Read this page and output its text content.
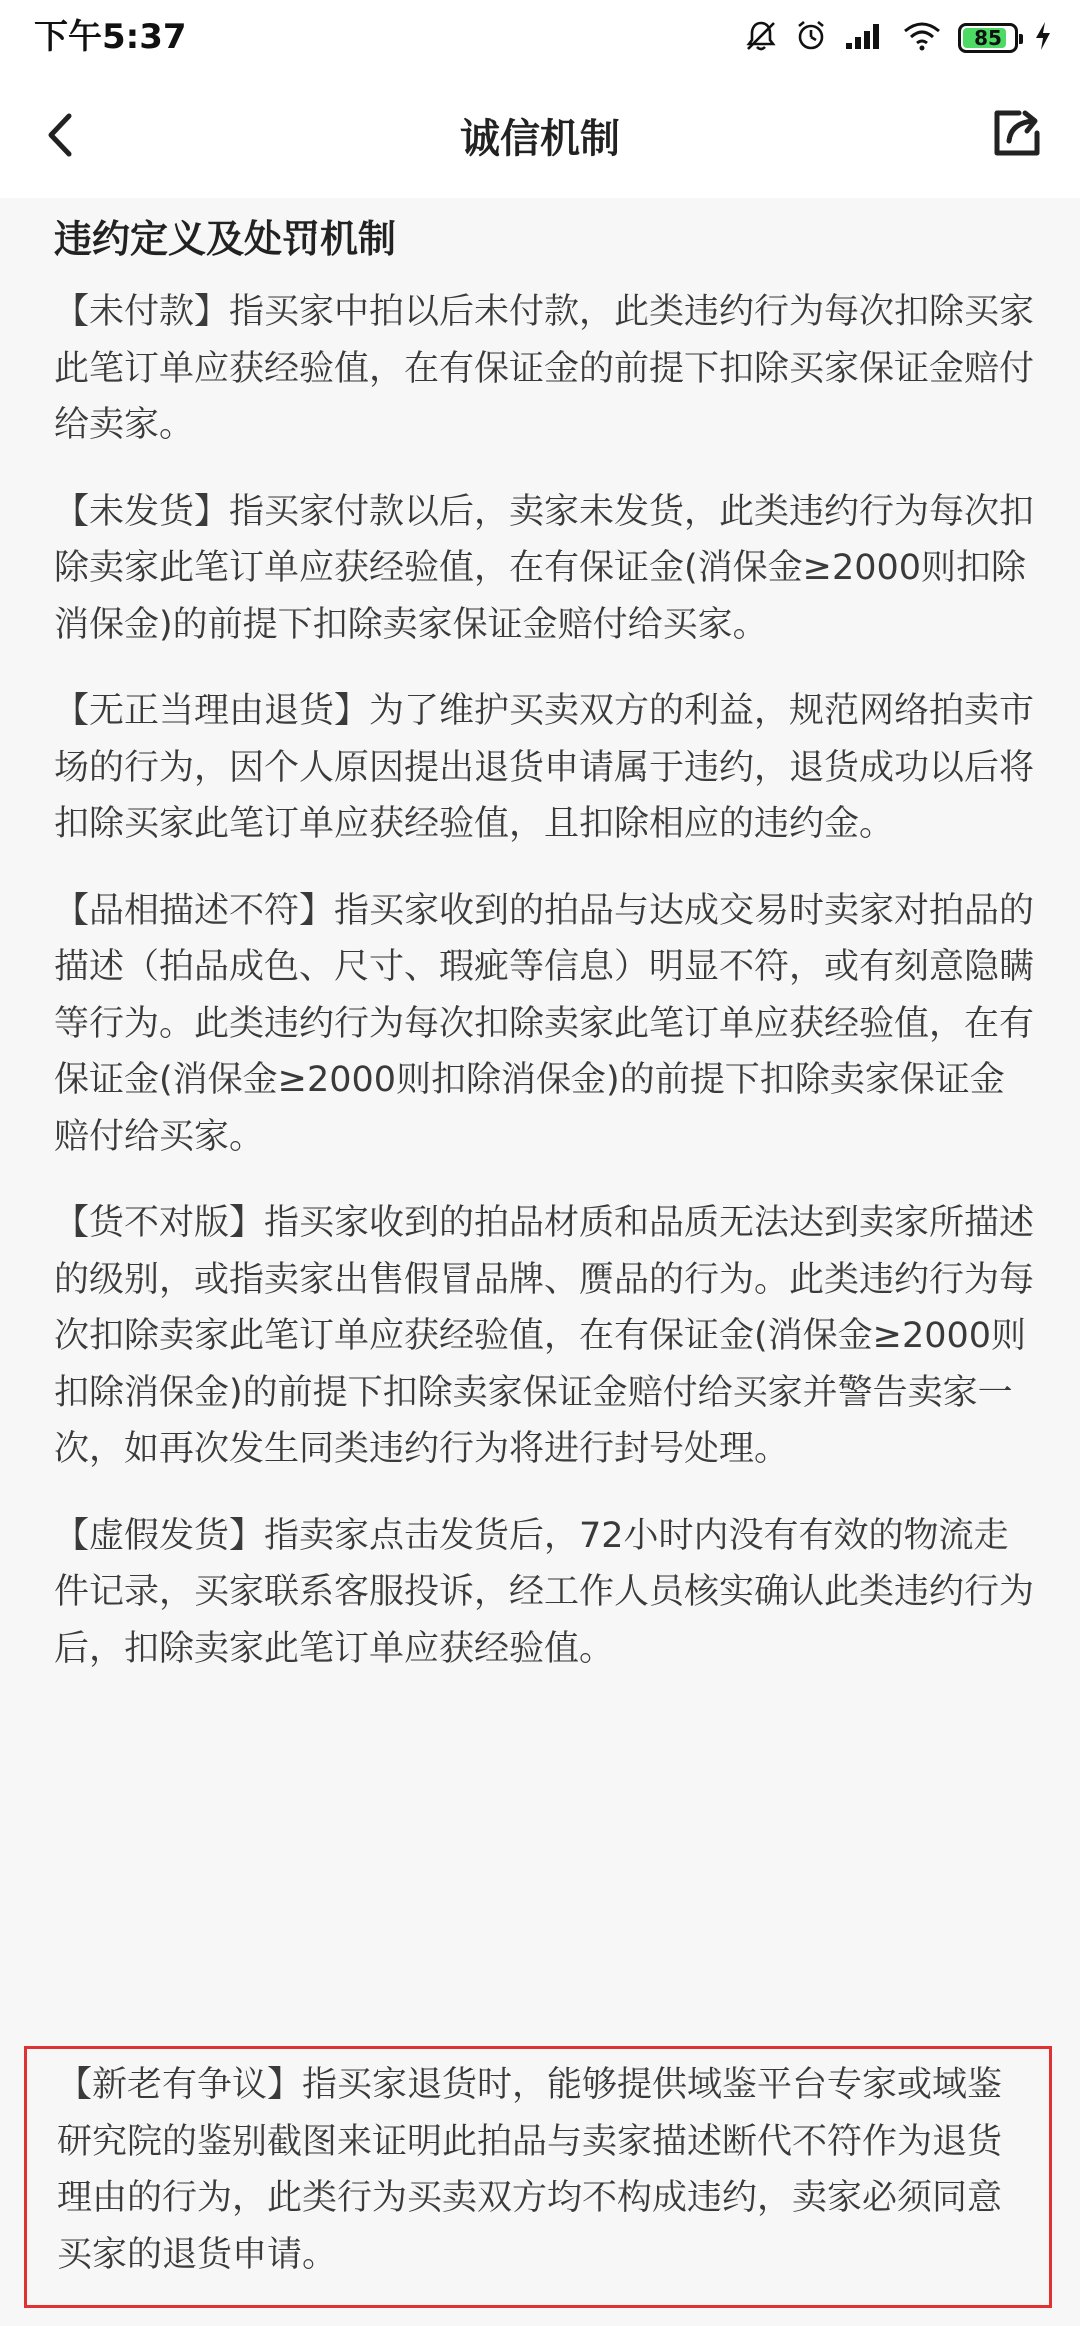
下午5:37	85
诚信机制
违约定义及处罚机制

【未付款】指买家中拍以后未付款，此类违约行为每次扣除买家此笔订单应获经验值，在有保证金的前提下扣除买家保证金赔付给卖家。

【未发货】指买家付款以后，卖家未发货，此类违约行为每次扣除卖家此笔订单应获经验值，在有保证金(消保金≥2000则扣除消保金)的前提下扣除卖家保证金赔付给买家。

【无正当理由退货】为了维护买卖双方的利益，规范网络拍卖市场的行为，因个人原因提出退货申请属于违约，退货成功以后将扣除买家此笔订单应获经验值，且扣除相应的违约金。

【品相描述不符】指买家收到的拍品与达成交易时卖家对拍品的描述（拍品成色、尺寸、瑕疵等信息）明显不符，或有刻意隐瞒等行为。此类违约行为每次扣除卖家此笔订单应获经验值，在有保证金(消保金≥2000则扣除消保金)的前提下扣除卖家保证金赔付给买家。

【货不对版】指买家收到的拍品材质和品质无法达到卖家所描述的级别，或指卖家出售假冒品牌、赝品的行为。此类违约行为每次扣除卖家此笔订单应获经验值，在有保证金(消保金≥2000则扣除消保金)的前提下扣除卖家保证金赔付给买家并警告卖家一次，如再次发生同类违约行为将进行封号处理。

【虚假发货】指卖家点击发货后，72小时内没有有效的物流走件记录，买家联系客服投诉，经工作人员核实确认此类违约行为后，扣除卖家此笔订单应获经验值。

【新老有争议】指买家退货时，能够提供域鉴平台专家或域鉴研究院的鉴别截图来证明此拍品与卖家描述断代不符作为退货理由的行为，此类行为买卖双方均不构成违约，卖家必须同意买家的退货申请。
